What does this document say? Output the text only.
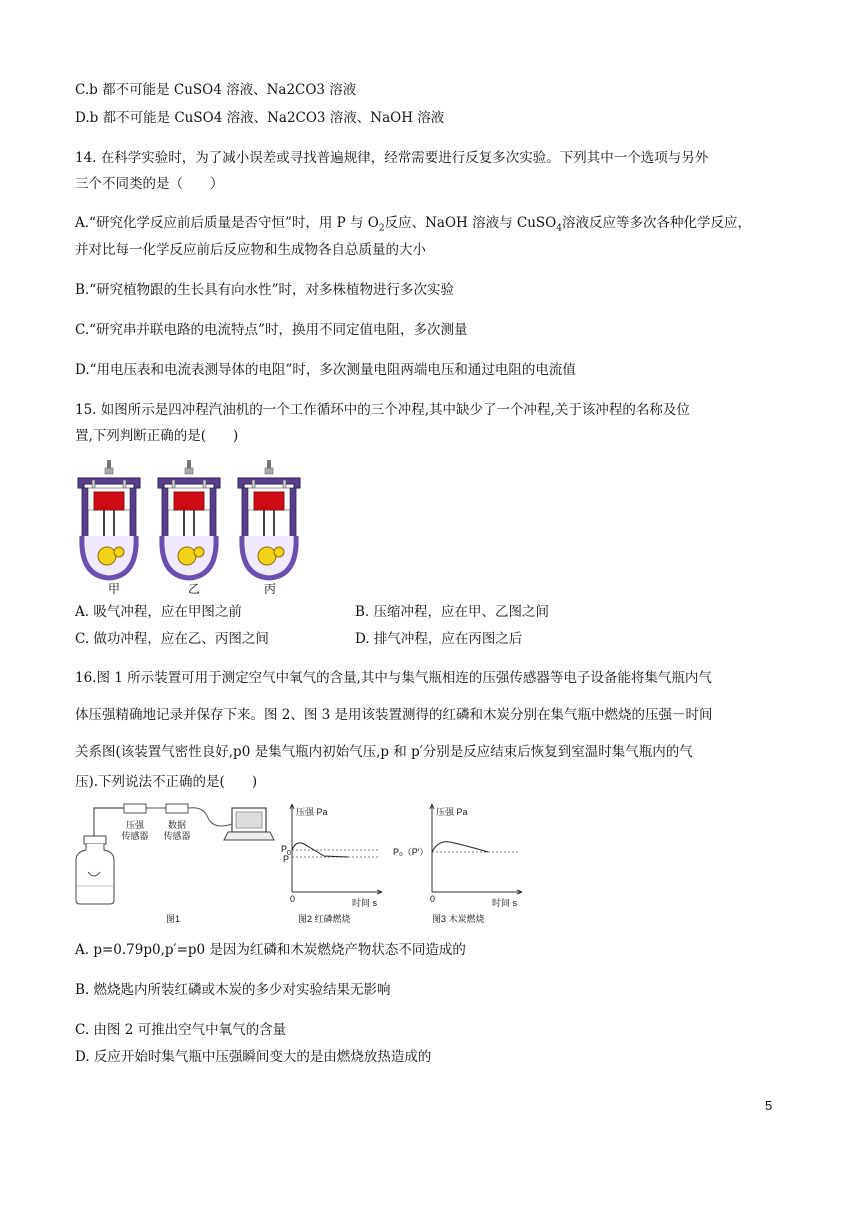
C.b 都不可能是 CuSO4 溶液、Na2CO3 溶液
D.b 都不可能是 CuSO4 溶液、Na2CO3 溶液、NaOH 溶液
14. 在科学实验时，为了减小误差或寻找普遍规律，经常需要进行反复多次实验。下列其中一个选项与另外
三个不同类的是（　　）
A.“研究化学反应前后质量是否守恒”时，用 P 与 $O_2$反应、NaOH 溶液与 CuSO$_4$溶液反应等多次各种化学反应，
并对比每一化学反应前后反应物和生成物各自总质量的大小
B.“研究植物跟的生长具有向水性”时，对多株植物进行多次实验
C.“研究串并联电路的电流特点”时，换用不同定值电阻，多次测量
D.“用电压表和电流表测导体的电阻”时，多次测量电阻两端电压和通过电阻的电流值
15. 如图所示是四冲程汽油机的一个工作循环中的三个冲程,其中缺少了一个冲程,关于该冲程的名称及位
置,下列判断正确的是(　　)
甲	乙	丙
A. 吸气冲程，应在甲图之前	B. 压缩冲程，应在甲、乙图之间
C. 做功冲程，应在乙、丙图之间	D. 排气冲程，应在丙图之后
16.图 1 所示装置可用于测定空气中氧气的含量,其中与集气瓶相连的压强传感器等电子设备能将集气瓶内气
体压强精确地记录并保存下来。图 2、图 3 是用该装置测得的红磷和木炭分别在集气瓶中燃烧的压强－时间
关系图(该装置气密性良好,p0 是集气瓶内初始气压,p 和 p′分别是反应结束后恢复到室温时集气瓶内的气
压).下列说法不正确的是(　　)
压强
传感器
数据
传感器
图1
压强 Pa
$P_0$
P
0	时间 s
图2 红磷燃烧
压强 Pa
P₀（P′）
0	时间 s
图3 木炭燃烧
A. p=0.79p0,p′=p0 是因为红磷和木炭燃烧产物状态不同造成的
B. 燃烧匙内所装红磷或木炭的多少对实验结果无影响
C. 由图 2 可推出空气中氧气的含量
D. 反应开始时集气瓶中压强瞬间变大的是由燃烧放热造成的
5
